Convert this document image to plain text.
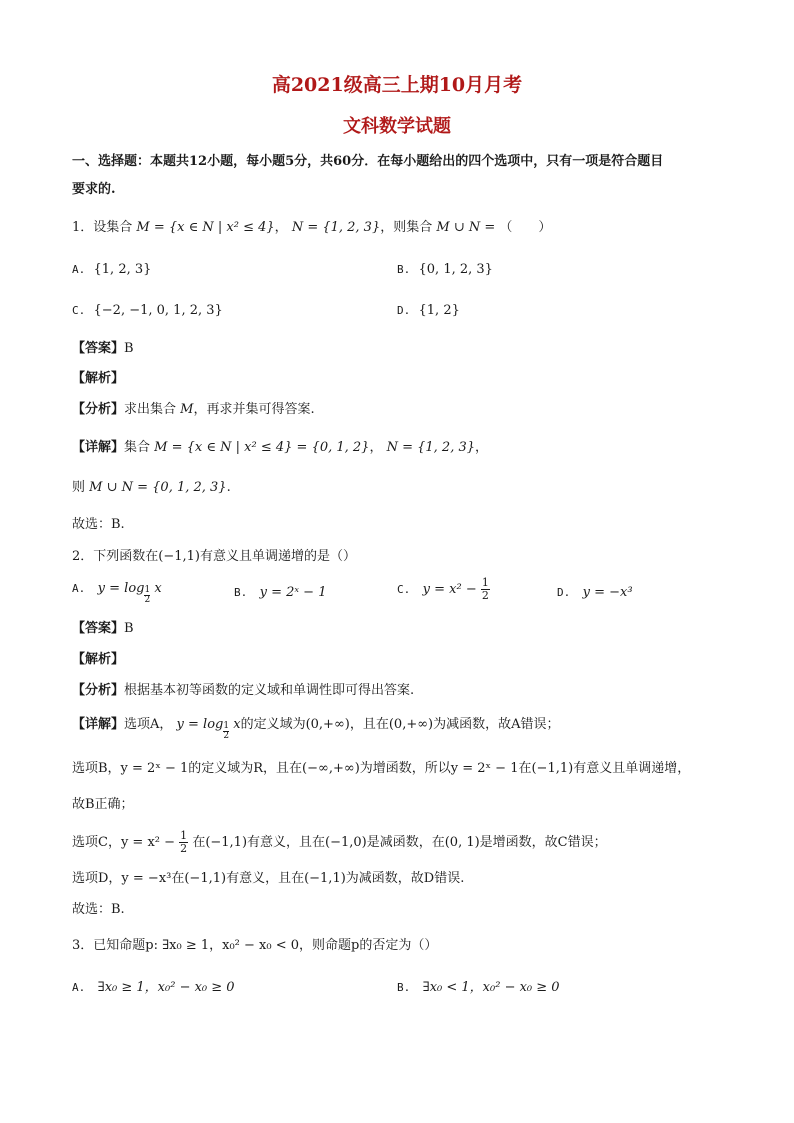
高2021级高三上期10月月考
文科数学试题
一、选择题：本题共12小题，每小题5分，共60分．在每小题给出的四个选项中，只有一项是符合题目
要求的.
1．设集合 M = {x ∈ N | x² ≤ 4}， N = {1, 2, 3}，则集合 M ∪ N = （　　）
A. {1, 2, 3}	B. {0, 1, 2, 3}
C. {−2, −1, 0, 1, 2, 3}	D. {1, 2}
【答案】B
【解析】
【分析】求出集合 M，再求并集可得答案.
【详解】集合 M = {x ∈ N | x² ≤ 4} = {0, 1, 2}， N = {1, 2, 3}，
则 M ∪ N = {0, 1, 2, 3}.
故选：B.
2．下列函数在(−1,1)有意义且单调递增的是（）
A. $y = \log \frac{1}{2}$ x	B. y = 2ˣ − 1	C. $y = x^2 - \frac{1}{2}$	D. y = −x³
【答案】B
【解析】
【分析】根据基本初等函数的定义域和单调性即可得出答案.
【详解】选项A， $y = \log \frac{1}{2}$ x的定义域为(0,+∞)，且在(0,+∞)为减函数，故A错误；
选项B，y = 2ˣ − 1的定义域为R，且在(−∞,+∞)为增函数，所以y = 2ˣ − 1在(−1,1)有意义且单调递增，
故B正确；
选项C，$y = x^2 - \frac{1}{2}$ 在(−1,1)有意义，且在(−1,0)是减函数，在(0, 1)是增函数，故C错误；
选项D，y = −x³在(−1,1)有意义，且在(−1,1)为减函数，故D错误.
故选：B.
3．已知命题p: ∃x₀ ≥ 1，x₀² − x₀ < 0，则命题p的否定为（）
A. ∃x₀ ≥ 1，x₀² − x₀ ≥ 0	B. ∃x₀ < 1，x₀² − x₀ ≥ 0
